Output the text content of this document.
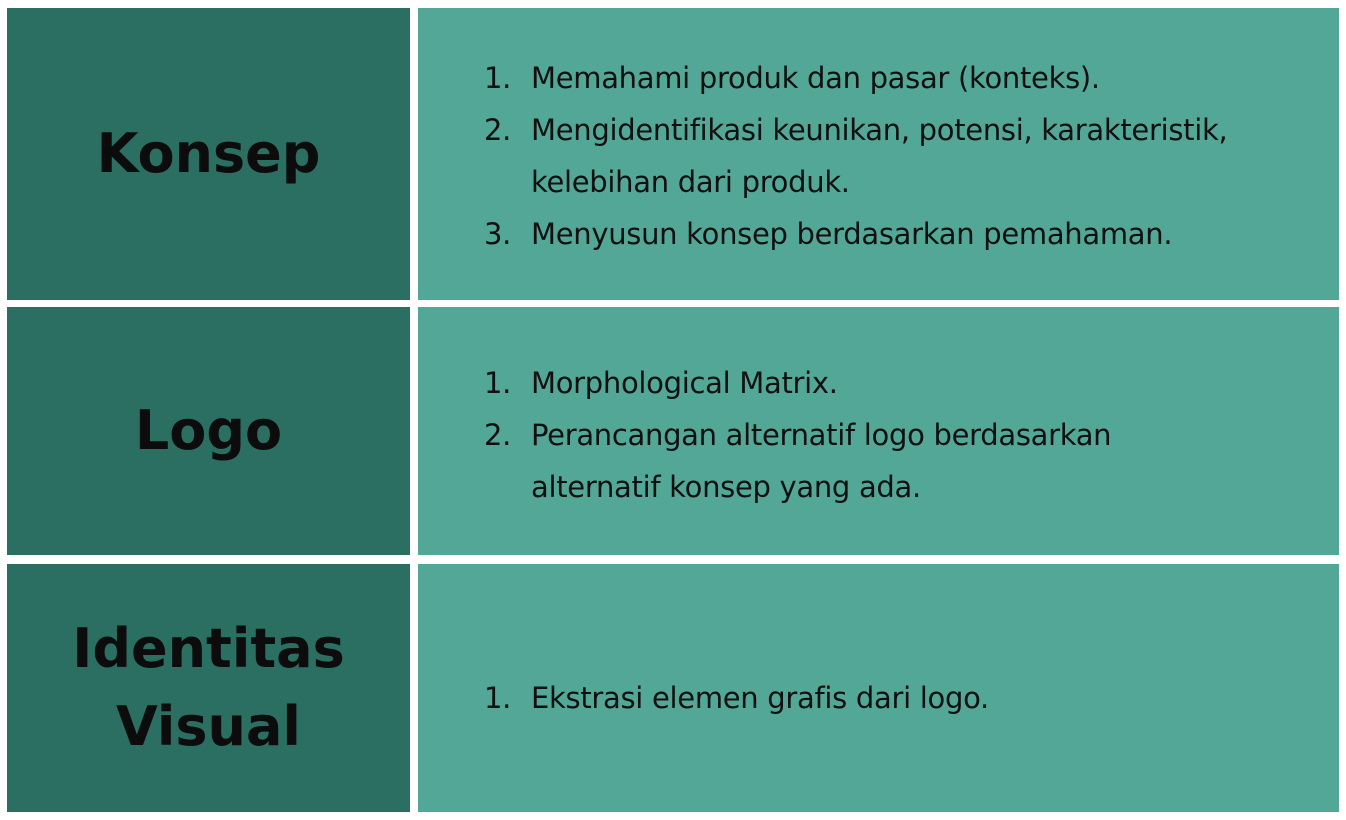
Konsep
1. Memahami produk dan pasar (konteks).
2. Mengidentifikasi keunikan, potensi, karakteristik,
kelebihan dari produk.
3. Menyusun konsep berdasarkan pemahaman.
Logo
1. Morphological Matrix.
2. Perancangan alternatif logo berdasarkan
alternatif konsep yang ada.
Identitas
Visual	1. Ekstrasi elemen grafis dari logo.
